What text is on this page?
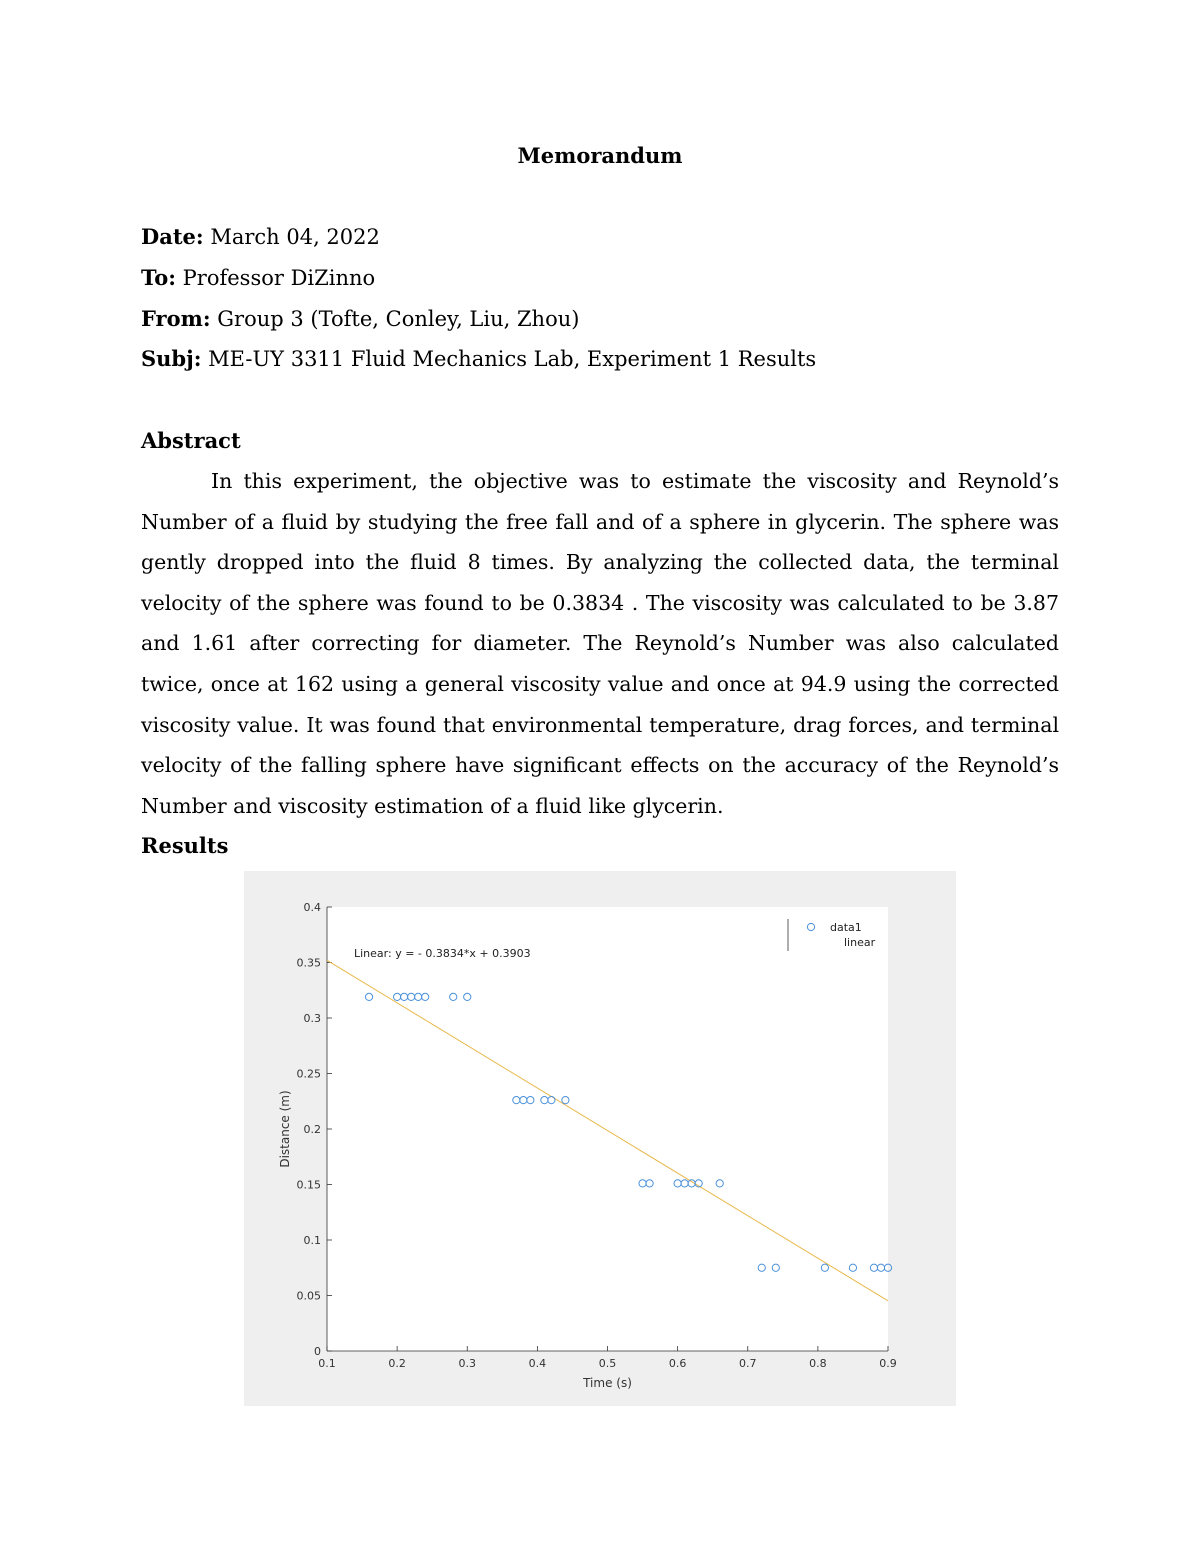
Memorandum
Date: March 04, 2022
To: Professor DiZinno
From: Group 3 (Tofte, Conley, Liu, Zhou)
Subj: ME-UY 3311 Fluid Mechanics Lab, Experiment 1 Results
Abstract

In this experiment, the objective was to estimate the viscosity and Reynold’s Number of a fluid by studying the free fall and of a sphere in glycerin. The sphere was gently dropped into the fluid 8 times. By analyzing the collected data, the terminal velocity of the sphere was found to be 0.3834 . The viscosity was calculated to be 3.87 and 1.61 after correcting for diameter. The Reynold’s Number was also calculated twice, once at 162 using a general viscosity value and once at 94.9 using the corrected viscosity value. It was found that environmental temperature, drag forces, and terminal velocity of the falling sphere have significant effects on the accuracy of the Reynold’s Number and viscosity estimation of a fluid like glycerin.

Results
0.1	0.2	0.3	0.4	0.5	0.6	0.7	0.8	0.9
0
0.05
0.1
0.15
0.2
0.25
0.3
0.35
0.4
Time (s)
Distance (m)
Linear: y = - 0.3834*x + 0.3903
data1
linear
